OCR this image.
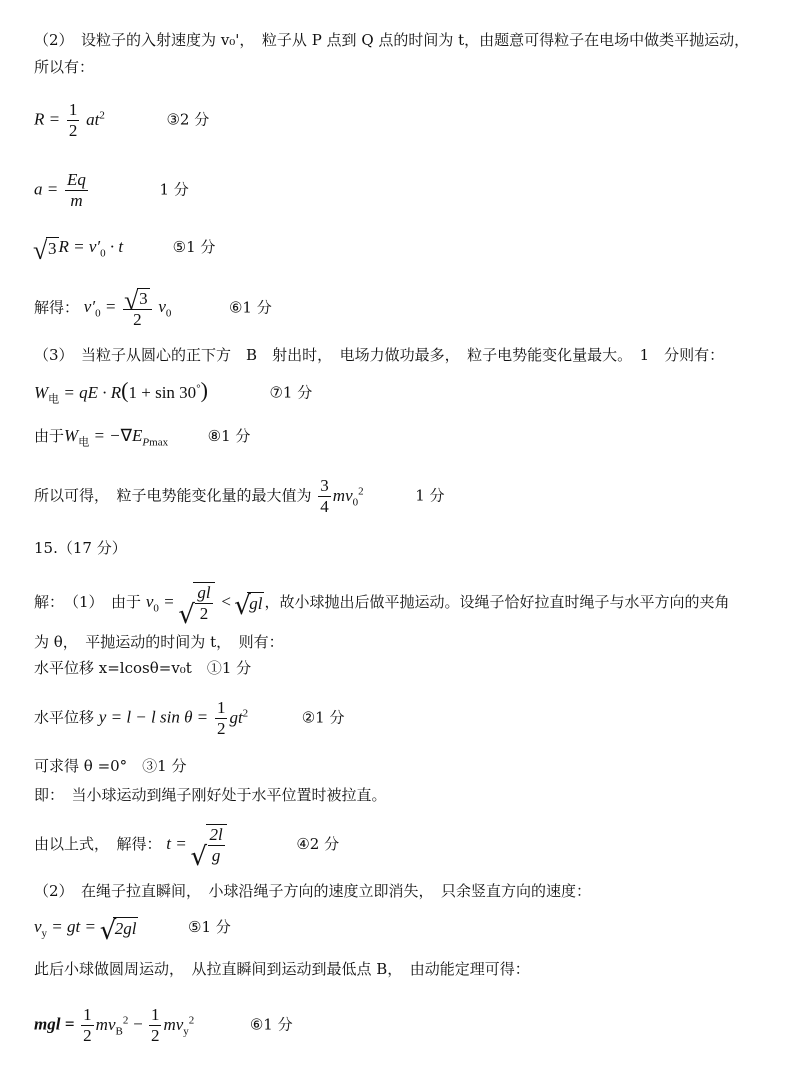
（2）　设粒子的入射速度为 v₀'，　粒子从 P 点到 Q 点的时间为 t，由题意可得粒子在电场中做类平抛运动，
所以有：
$R = \frac{1}{2} at^2$	③2 分
$a = \frac{Eq}{m}$	1 分
√ 3 $R = v'_0 \cdot t$	⑤1 分
解得： $v'_0$ = √ $\frac{3}{2} v_0$	⑥1 分
（3）　当粒子从圆心的正下方　B　射出时，　电场力做功最多，　粒子电势能变化量最大。　1　分则有：
$W_电$ = qE · R(1 + sin 30°)	⑦1 分
由于$W_电 = -\nabla E_{Pmax}$	⑧1 分
所以可得，　粒子电势能变化量的最大值为 $\frac{3}{4} mv_0^2$	1 分
15.（17 分）
解：　（1）　由于 $v_0$ = √ $\frac{gl}{2}$ < √ gl ，故小球抛出后做平抛运动。设绳子恰好拉直时绳子与水平方向的夹角
为 θ，　平抛运动的时间为 t，　则有：
水平位移 x=lcosθ=v₀t　①1 分
水平位移 y = l − l $\sin \theta = \frac{1}{2} gt^2$	②1 分
可求得 θ =0°　③1 分
即：　当小球运动到绳子刚好处于水平位置时被拉直。
由以上式，　解得： t = √ $\frac{2l}{g}$	④2 分
（2）　在绳子拉直瞬间，　小球沿绳子方向的速度立即消失，　只余竖直方向的速度：
$v_y$ = gt = √ 2gl	⑤1 分
此后小球做圆周运动，　从拉直瞬间到运动到最低点 B，　由动能定理可得：
mgl = $\frac{1}{2} mv_B^2 - \frac{1}{2} mv_y^2$	⑥1 分
